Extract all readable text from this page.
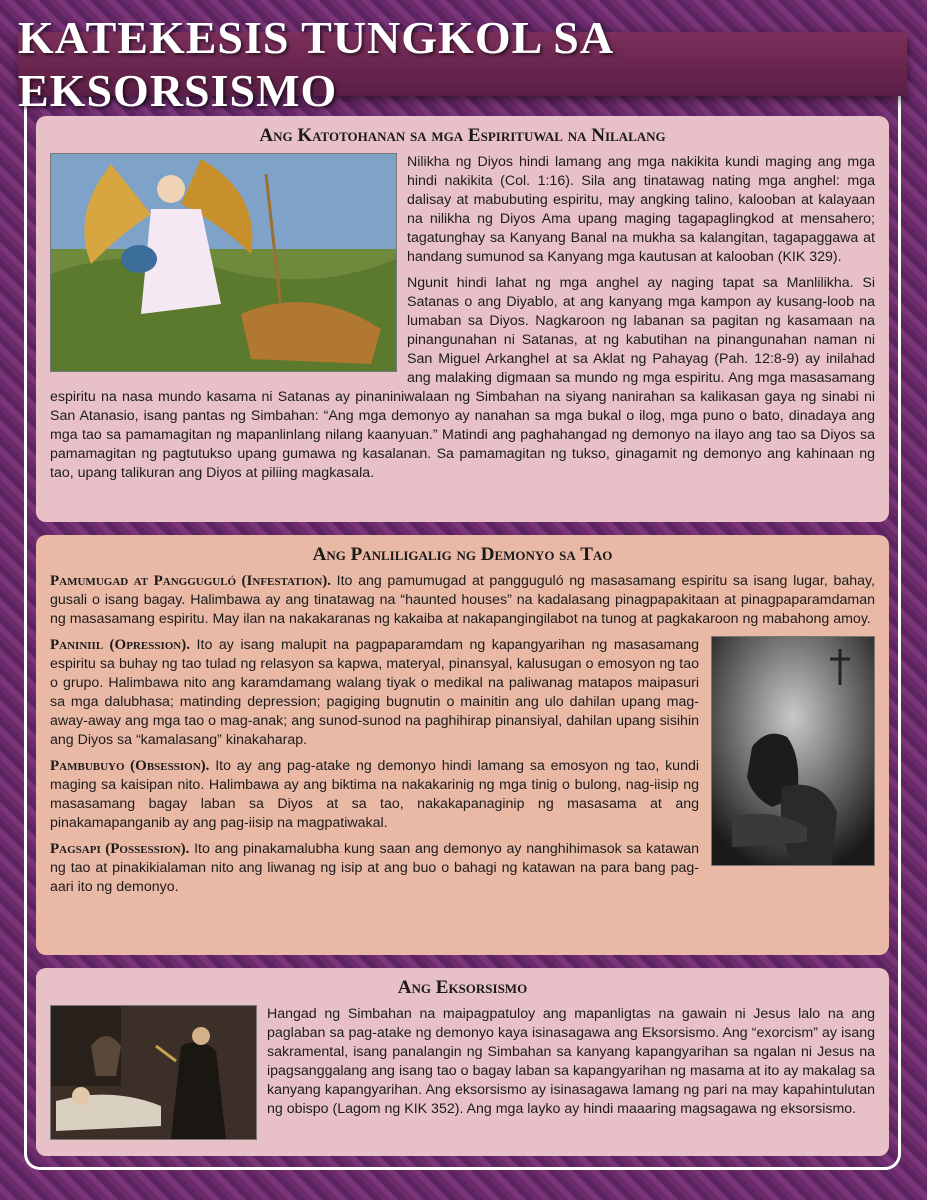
KATEKESIS TUNGKOL SA EKSORSISMO
Ang Katotohanan sa mga Espirituwal na Nilalang

Nilikha ng Diyos hindi lamang ang mga nakikita kundi maging ang mga hindi nakikita (Col. 1:16). Sila ang tinatawag nating mga anghel: mga dalisay at mabubuting espiritu, may angking talino, kalooban at kalayaan na nilikha ng Diyos Ama upang maging tagapaglingkod at mensahero; tagatunghay sa Kanyang Banal na mukha sa kalangitan, tagapaggawa at handang sumunod sa Kanyang mga kautusan at kalooban (KIK 329).

Ngunit hindi lahat ng mga anghel ay naging tapat sa Manlilikha. Si Satanas o ang Diyablo, at ang kanyang mga kampon ay kusang-loob na lumaban sa Diyos. Nagkaroon ng labanan sa pagitan ng kasamaan na pinangunahan ni Satanas, at ng kabutihan na pinangunahan naman ni San Miguel Arkanghel at sa Aklat ng Pahayag (Pah. 12:8-9) ay inilahad ang malaking digmaan sa mundo ng mga espiritu. Ang mga masasamang espiritu na nasa mundo kasama ni Satanas ay pinaniniwalaan ng Simbahan na siyang nanirahan sa kalikasan gaya ng sinabi ni San Atanasio, isang pantas ng Simbahan: “Ang mga demonyo ay nanahan sa mga bukal o ilog, mga puno o bato, dinadaya ang mga tao sa pamamagitan ng mapanlinlang nilang kaanyuan.” Matindi ang paghahangad ng demonyo na ilayo ang tao sa Diyos sa pamamagitan ng pagtutukso upang gumawa ng kasalanan. Sa pamamagitan ng tukso, ginagamit ng demonyo ang kahinaan ng tao, upang talikuran ang Diyos at piliing magkasala.

Ang Panliligalig ng Demonyo sa Tao

Pamumugad at Pangguguló (Infestation). Ito ang pamumugad at pangguguló ng masasamang espiritu sa isang lugar, bahay, gusali o isang bagay. Halimbawa ay ang tinatawag na “haunted houses” na kadalasang pinagpapakitaan at pinagpaparamdaman ng masasamang espiritu. May ilan na nakakaranas ng kakaiba at nakapangingilabot na tunog at pagkakaroon ng mabahong amoy.

Paniniil (Opression). Ito ay isang malupit na pagpaparamdam ng kapangyarihan ng masasamang espiritu sa buhay ng tao tulad ng relasyon sa kapwa, materyal, pinansyal, kalusugan o emosyon ng tao o grupo. Halimbawa nito ang karamdamang walang tiyak o medikal na paliwanag matapos maipasuri sa mga dalubhasa; matinding depression; pagiging bugnutin o mainitin ang ulo dahilan upang mag-away-away ang mga tao o mag-anak; ang sunod-sunod na paghihirap pinansiyal, dahilan upang sisihin ang Diyos sa “kamalasang” kinakaharap.

Pambubuyo (Obsession). Ito ay ang pag-atake ng demonyo hindi lamang sa emosyon ng tao, kundi maging sa kaisipan nito. Halimbawa ay ang biktima na nakakarinig ng mga tinig o bulong, nag-iisip ng masasamang bagay laban sa Diyos at sa tao, nakakapanaginip ng masasama at ang pinakamapanganib ay ang pag-iisip na magpatiwakal.

Pagsapi (Possession). Ito ang pinakamalubha kung saan ang demonyo ay nanghihimasok sa katawan ng tao at pinakikialaman nito ang liwanag ng isip at ang buo o bahagi ng katawan na para bang pag-aari ito ng demonyo.

Ang Eksorsismo

Hangad ng Simbahan na maipagpatuloy ang mapanligtas na gawain ni Jesus lalo na ang paglaban sa pag-atake ng demonyo kaya isinasagawa ang Eksorsismo. Ang “exorcism” ay isang sakramental, isang panalangin ng Simbahan sa kanyang kapangyarihan sa ngalan ni Jesus na ipagsanggalang ang isang tao o bagay laban sa kapangyarihan ng masama at ito ay makalag sa kanyang kapangyarihan. Ang eksorsismo ay isinasagawa lamang ng pari na may kapahintulutan ng obispo (Lagom ng KIK 352). Ang mga layko ay hindi maaaring magsagawa ng eksorsismo.
